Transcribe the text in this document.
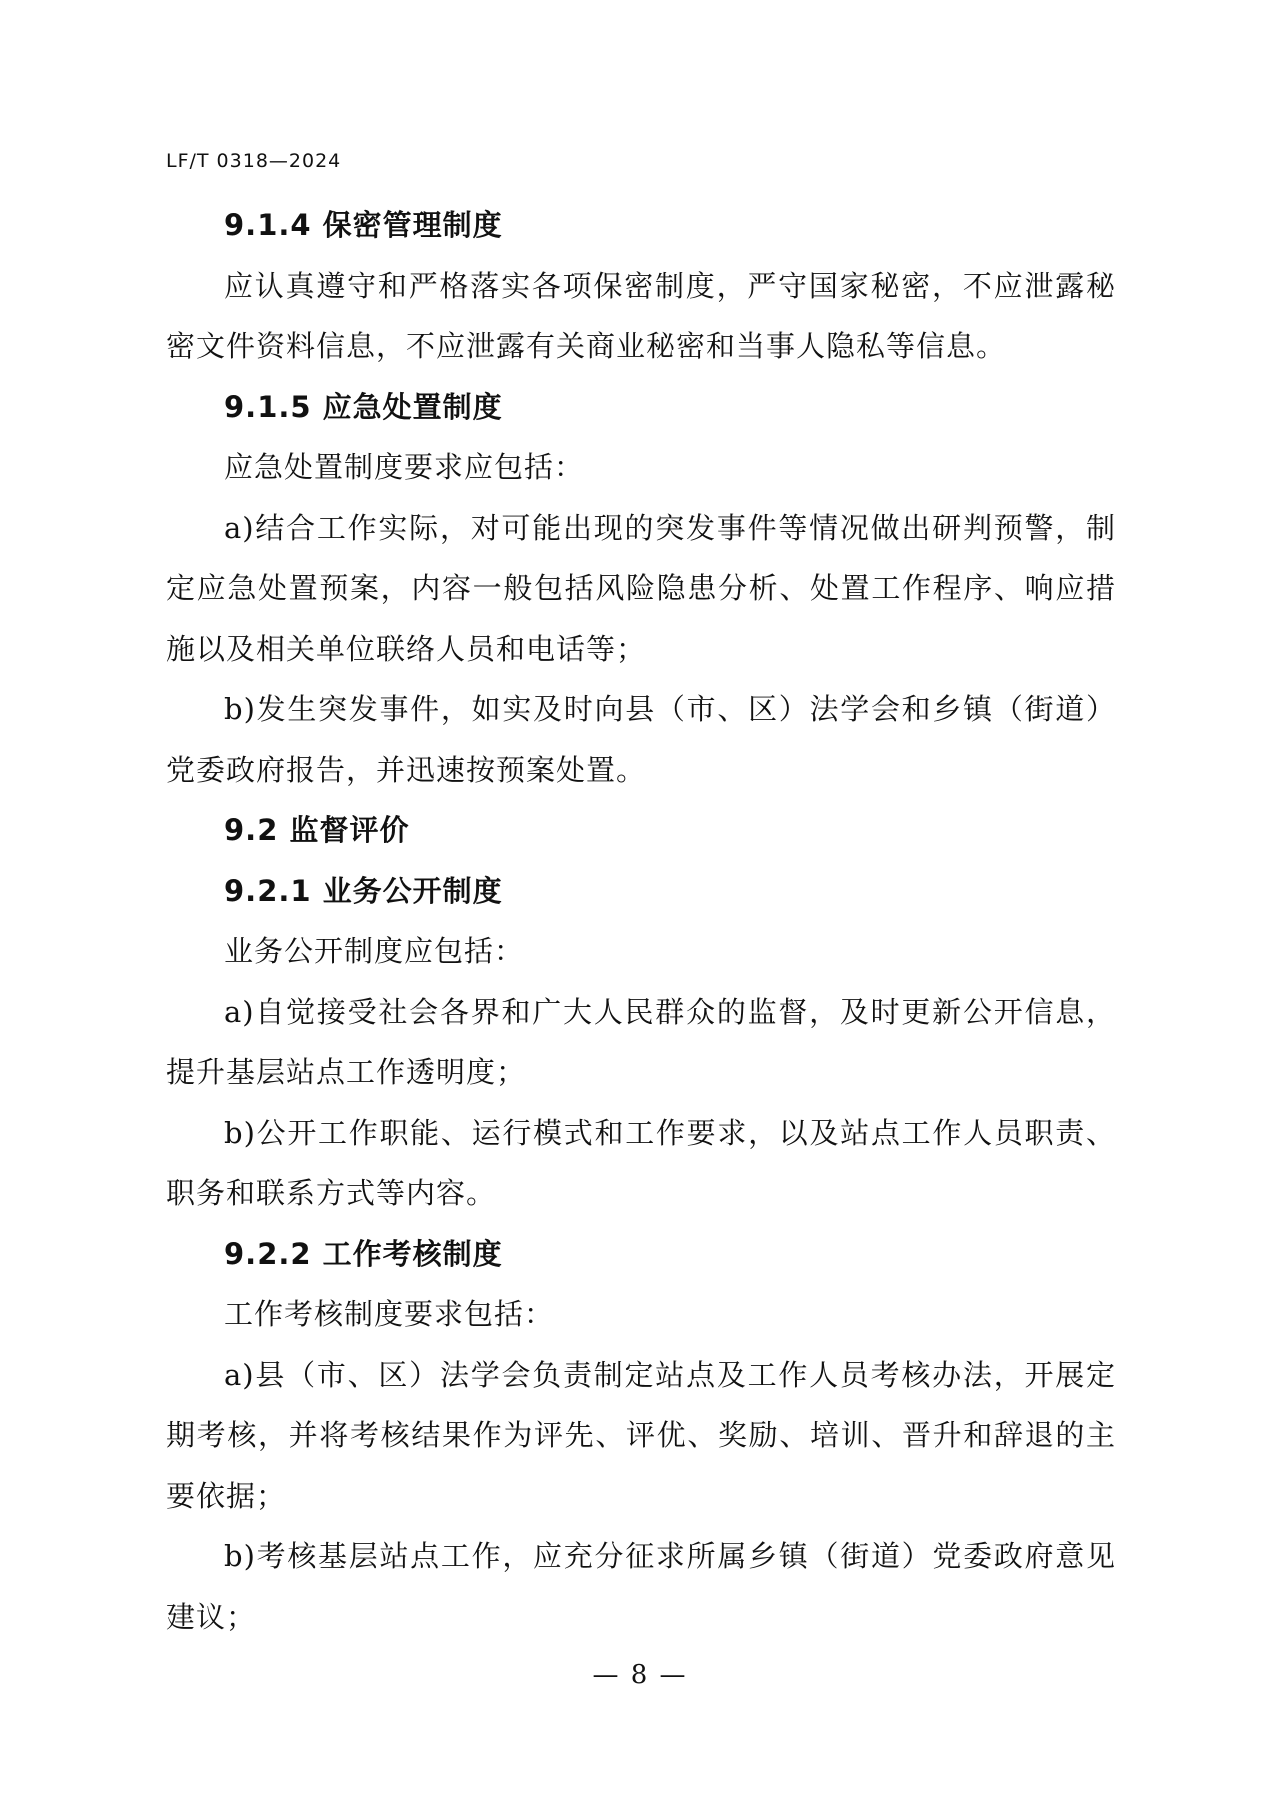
LF/T 0318—2024

9.1.4 保密管理制度

应认真遵守和严格落实各项保密制度，严守国家秘密，不应泄露秘密文件资料信息，不应泄露有关商业秘密和当事人隐私等信息。

9.1.5 应急处置制度

应急处置制度要求应包括：

a)结合工作实际，对可能出现的突发事件等情况做出研判预警，制定应急处置预案，内容一般包括风险隐患分析、处置工作程序、响应措施以及相关单位联络人员和电话等；

b)发生突发事件，如实及时向县（市、区）法学会和乡镇（街道）党委政府报告，并迅速按预案处置。

9.2 监督评价

9.2.1 业务公开制度

业务公开制度应包括：

a)自觉接受社会各界和广大人民群众的监督，及时更新公开信息，提升基层站点工作透明度；

b)公开工作职能、运行模式和工作要求，以及站点工作人员职责、职务和联系方式等内容。

9.2.2 工作考核制度

工作考核制度要求包括：

a)县（市、区）法学会负责制定站点及工作人员考核办法，开展定期考核，并将考核结果作为评先、评优、奖励、培训、晋升和辞退的主要依据；

b)考核基层站点工作，应充分征求所属乡镇（街道）党委政府意见建议；

— 8 —
